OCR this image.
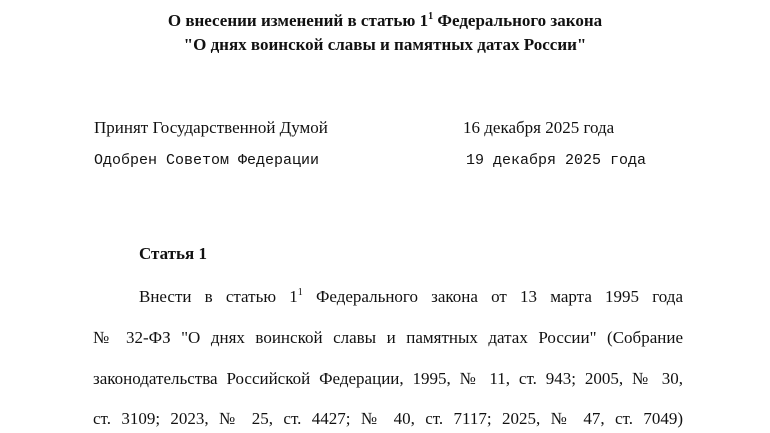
О внесении изменений в статью $1^1$ Федерального закона
"О днях воинской славы и памятных датах России"
Принят Государственной Думой	16 декабря 2025 года
Одобрен Советом Федерации	19 декабря 2025 года
Статья 1
Внести в статью $1^1$ Федерального закона от 13 марта 1995 года
№ 32-ФЗ "О днях воинской славы и памятных датах России" (Собрание
законодательства Российской Федерации, 1995, № 11, ст. 943; 2005, № 30,
ст. 3109; 2023, № 25, ст. 4427; № 40, ст. 7117; 2025, № 47, ст. 7049)
